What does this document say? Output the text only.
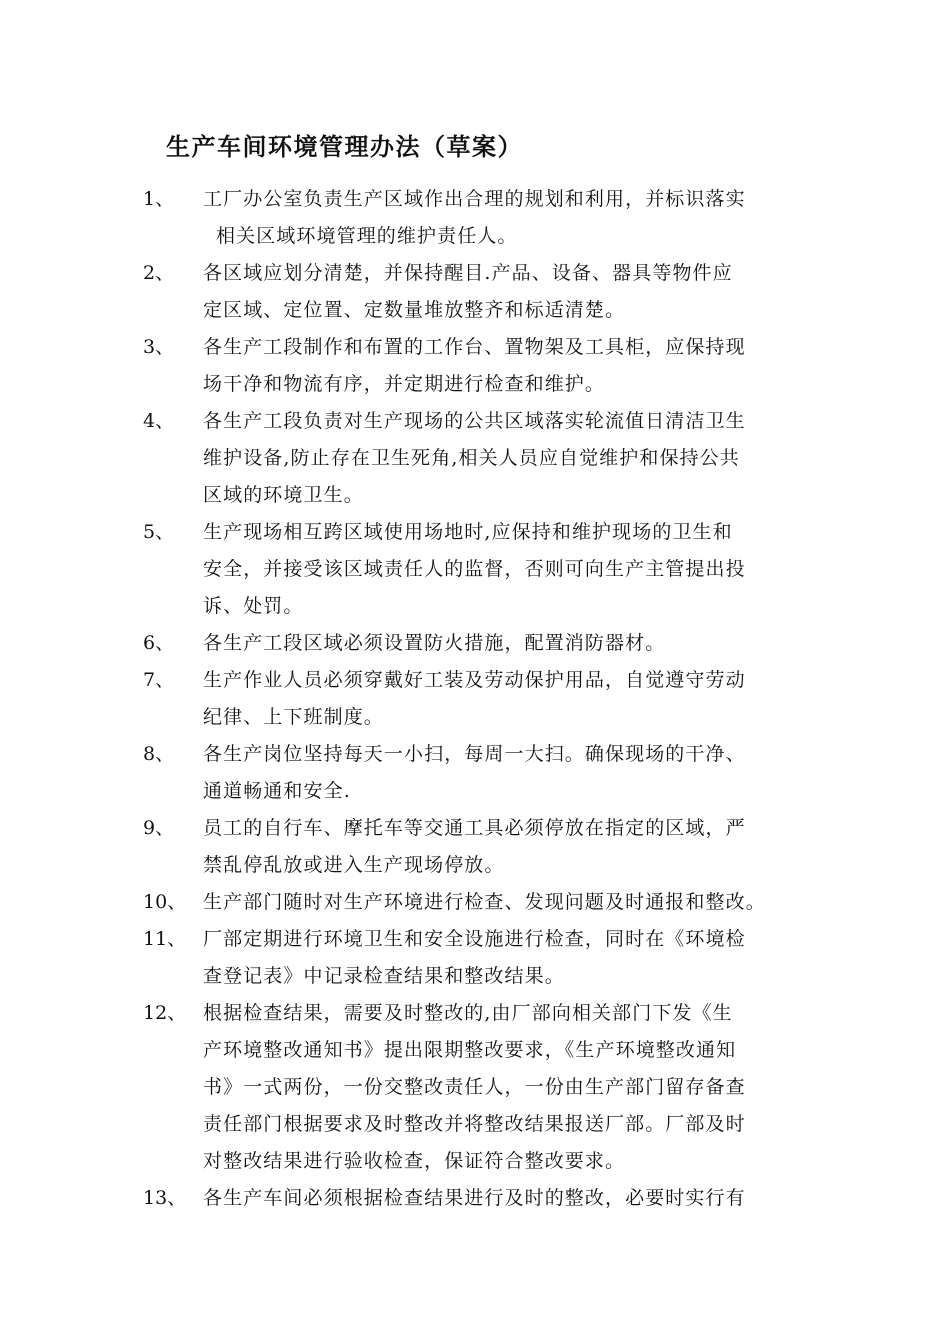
生产车间环境管理办法（草案）
1、 工厂办公室负责生产区域作出合理的规划和利用，并标识落实
相关区域环境管理的维护责任人。
2、 各区域应划分清楚，并保持醒目.产品、设备、器具等物件应
定区域、定位置、定数量堆放整齐和标适清楚。
3、 各生产工段制作和布置的工作台、置物架及工具柜，应保持现
场干净和物流有序，并定期进行检查和维护。
4、 各生产工段负责对生产现场的公共区域落实轮流值日清洁卫生
维护设备,防止存在卫生死角,相关人员应自觉维护和保持公共
区域的环境卫生。
5、 生产现场相互跨区域使用场地时,应保持和维护现场的卫生和
安全，并接受该区域责任人的监督，否则可向生产主管提出投
诉、处罚。
6、 各生产工段区域必须设置防火措施，配置消防器材。
7、 生产作业人员必须穿戴好工装及劳动保护用品，自觉遵守劳动
纪律、上下班制度。
8、 各生产岗位坚持每天一小扫，每周一大扫。确保现场的干净、
通道畅通和安全.
9、 员工的自行车、摩托车等交通工具必须停放在指定的区域，严
禁乱停乱放或进入生产现场停放。
10、 生产部门随时对生产环境进行检查、发现问题及时通报和整改。
11、 厂部定期进行环境卫生和安全设施进行检查，同时在《环境检
查登记表》中记录检查结果和整改结果。
12、 根据检查结果，需要及时整改的,由厂部向相关部门下发《生
产环境整改通知书》提出限期整改要求，《生产环境整改通知
书》一式两份，一份交整改责任人，一份由生产部门留存备查
责任部门根据要求及时整改并将整改结果报送厂部。厂部及时
对整改结果进行验收检查，保证符合整改要求。
13、 各生产车间必须根据检查结果进行及时的整改，必要时实行有
